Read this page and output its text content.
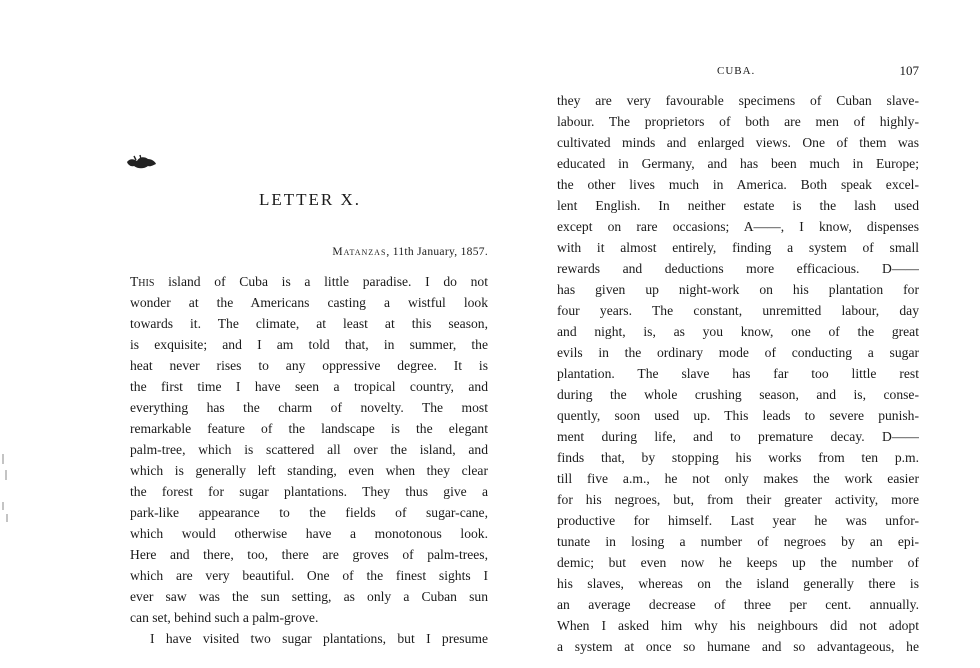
LETTER X.
Matanzas, 11th January, 1857.
This island of Cuba is a little paradise. I do not
wonder at the Americans casting a wistful look
towards it. The climate, at least at this season,
is exquisite; and I am told that, in summer, the
heat never rises to any oppressive degree. It is
the first time I have seen a tropical country, and
everything has the charm of novelty. The most
remarkable feature of the landscape is the elegant
palm-tree, which is scattered all over the island, and
which is generally left standing, even when they clear
the forest for sugar plantations. They thus give a
park-like appearance to the fields of sugar-cane,
which would otherwise have a monotonous look.
Here and there, too, there are groves of palm-trees,
which are very beautiful. One of the finest sights I
ever saw was the sun setting, as only a Cuban sun
can set, behind such a palm-grove.
I have visited two sugar plantations, but I presume
CUBA.	107
they are very favourable specimens of Cuban slave-
labour. The proprietors of both are men of highly-
cultivated minds and enlarged views. One of them was
educated in Germany, and has been much in Europe;
the other lives much in America. Both speak excel-
lent English. In neither estate is the lash used
except on rare occasions; A——, I know, dispenses
with it almost entirely, finding a system of small
rewards and deductions more efficacious. D——
has given up night-work on his plantation for
four years. The constant, unremitted labour, day
and night, is, as you know, one of the great
evils in the ordinary mode of conducting a sugar
plantation. The slave has far too little rest
during the whole crushing season, and is, conse-
quently, soon used up. This leads to severe punish-
ment during life, and to premature decay. D——
finds that, by stopping his works from ten p.m.
till five a.m., he not only makes the work easier
for his negroes, but, from their greater activity, more
productive for himself. Last year he was unfor-
tunate in losing a number of negroes by an epi-
demic; but even now he keeps up the number of
his slaves, whereas on the island generally there is
an average decrease of three per cent. annually.
When I asked him why his neighbours did not adopt
a system at once so humane and so advantageous, he
